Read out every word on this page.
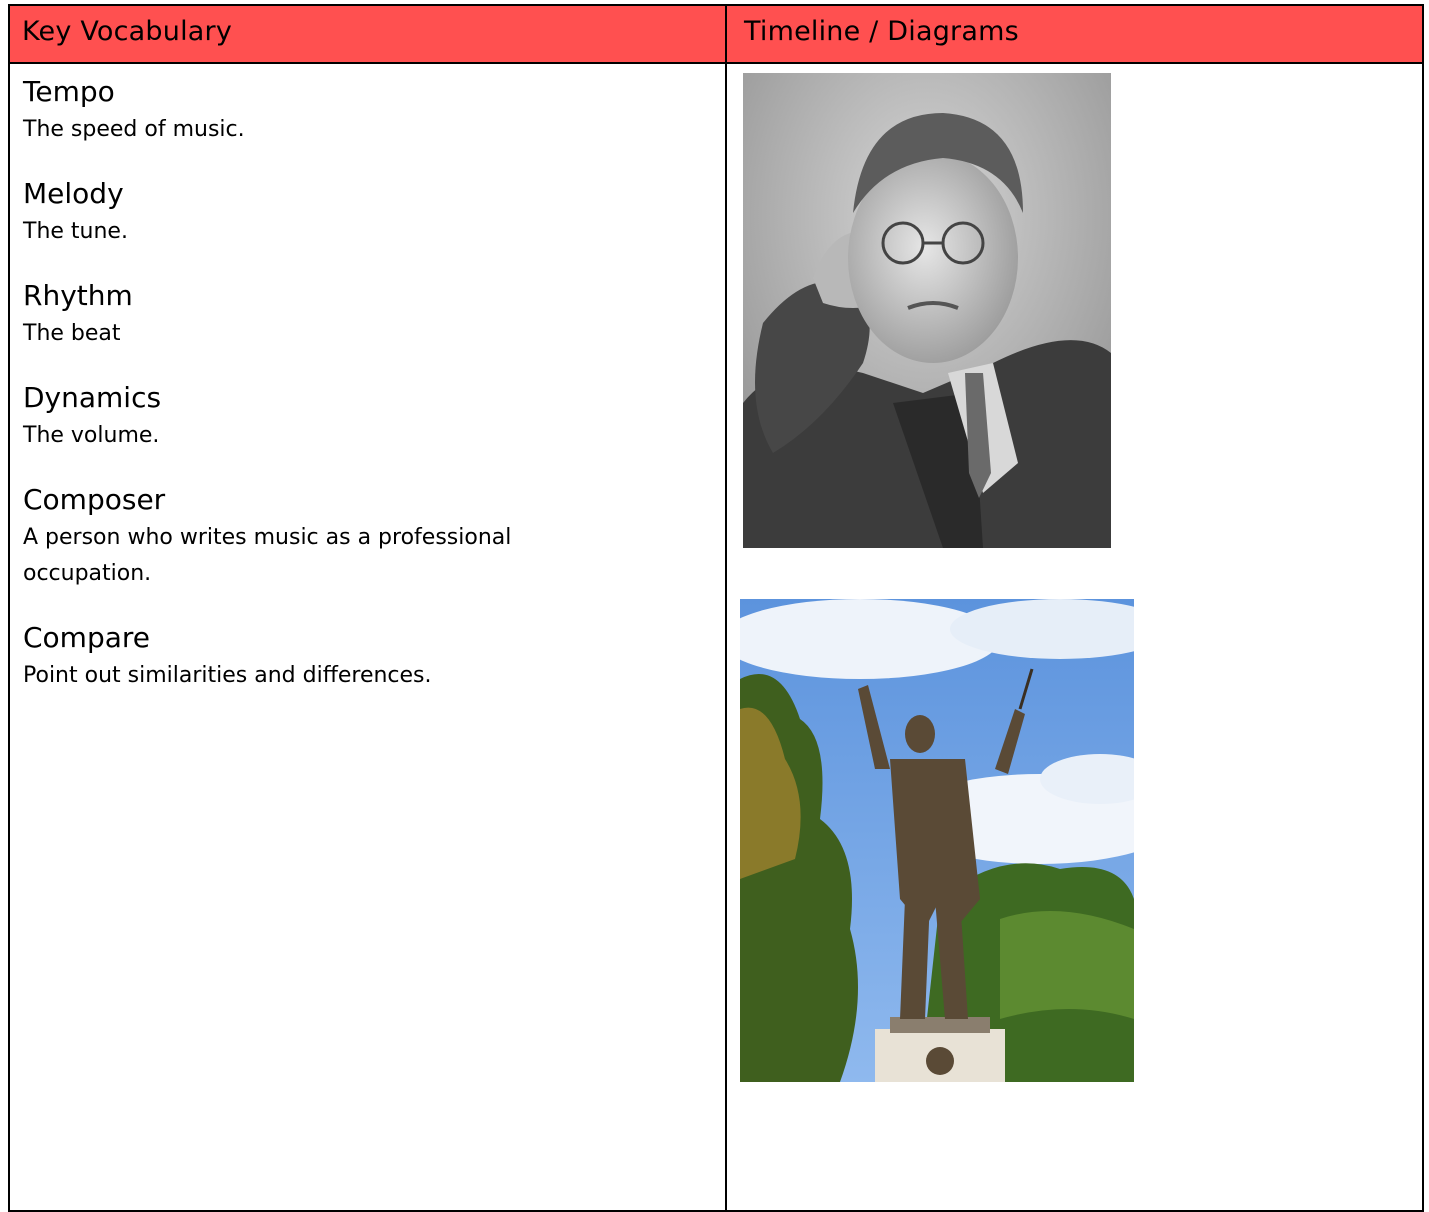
Key Vocabulary	Timeline / Diagrams
Tempo
The speed of music.
Melody
The tune.
Rhythm
The beat
Dynamics
The volume.
Composer
A person who writes music as a professional occupation.
Compare
Point out similarities and differences.
